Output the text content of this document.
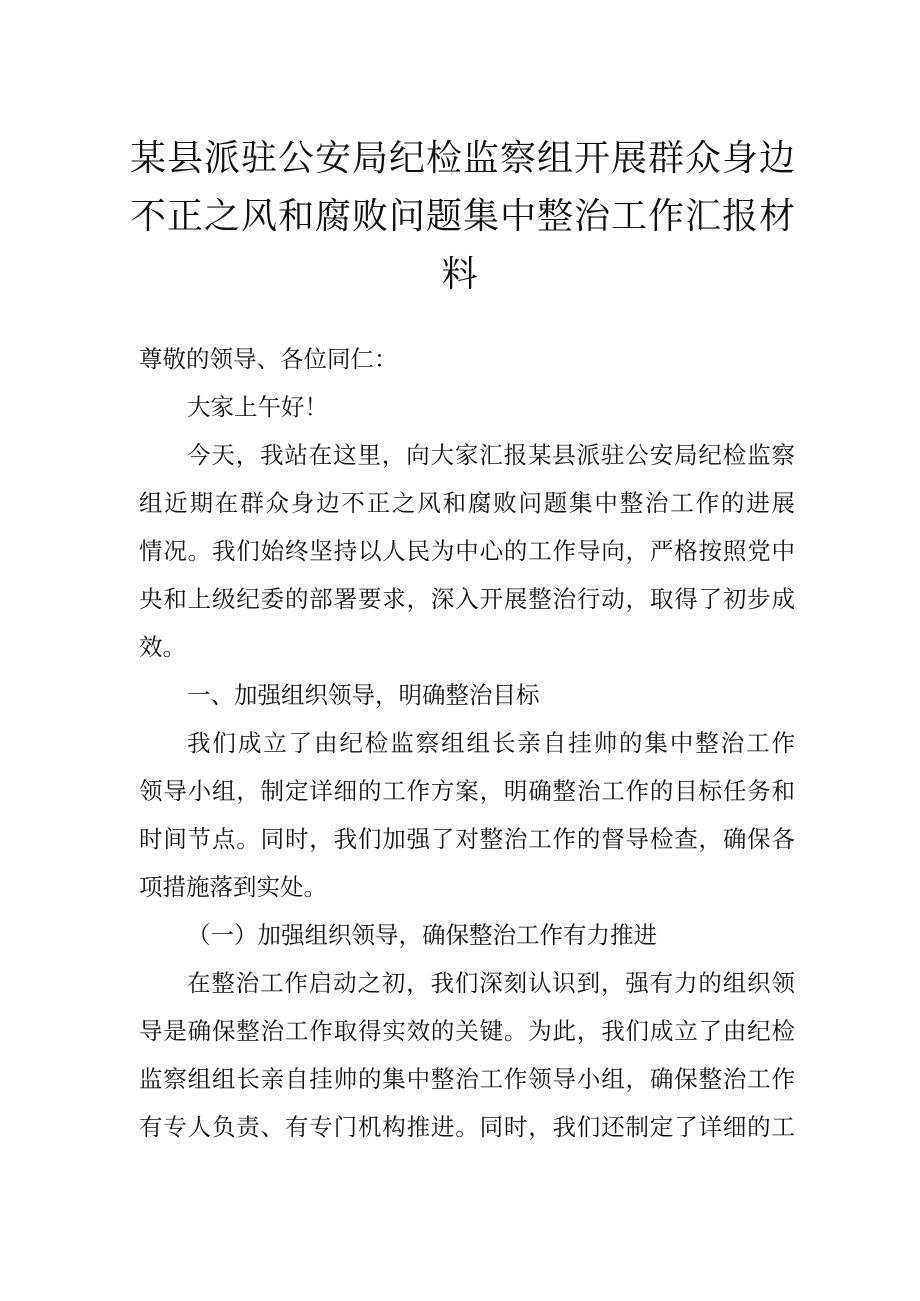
某县派驻公安局纪检监察组开展群众身边
不正之风和腐败问题集中整治工作汇报材
料
尊敬的领导、各位同仁：
大家上午好！
今天，我站在这里，向大家汇报某县派驻公安局纪检监察
组近期在群众身边不正之风和腐败问题集中整治工作的进展
情况。我们始终坚持以人民为中心的工作导向，严格按照党中
央和上级纪委的部署要求，深入开展整治行动，取得了初步成
效。
一、加强组织领导，明确整治目标
我们成立了由纪检监察组组长亲自挂帅的集中整治工作
领导小组，制定详细的工作方案，明确整治工作的目标任务和
时间节点。同时，我们加强了对整治工作的督导检查，确保各
项措施落到实处。
（一）加强组织领导，确保整治工作有力推进
在整治工作启动之初，我们深刻认识到，强有力的组织领
导是确保整治工作取得实效的关键。为此，我们成立了由纪检
监察组组长亲自挂帅的集中整治工作领导小组，确保整治工作
有专人负责、有专门机构推进。同时，我们还制定了详细的工
